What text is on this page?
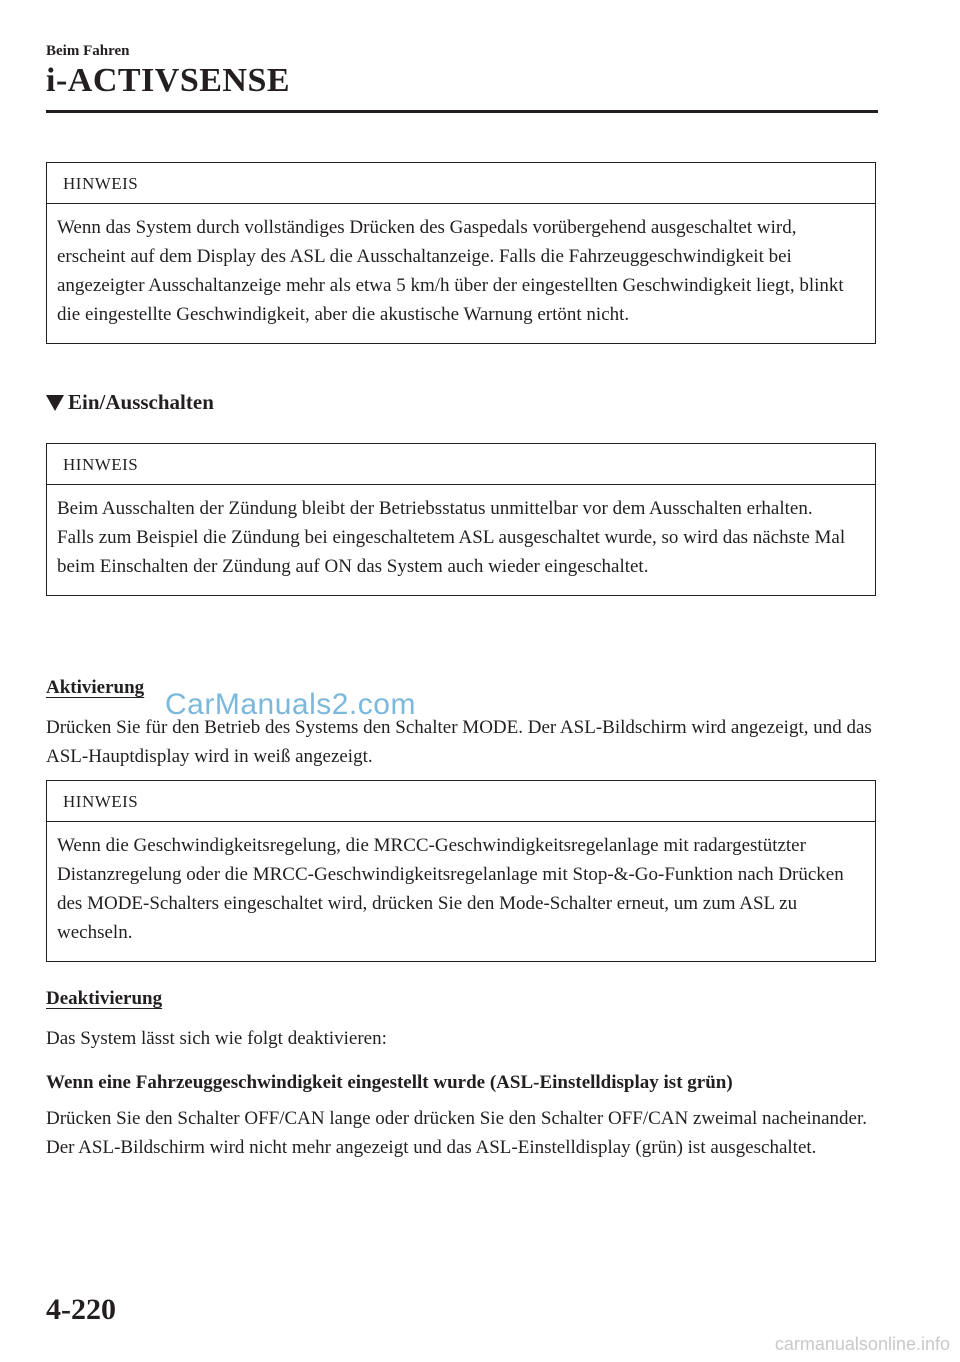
Beim Fahren
i-ACTIVSENSE
HINWEIS

Wenn das System durch vollständiges Drücken des Gaspedals vorübergehend ausgeschaltet wird, erscheint auf dem Display des ASL die Ausschaltanzeige. Falls die Fahrzeuggeschwindigkeit bei angezeigter Ausschaltanzeige mehr als etwa 5 km/h über der eingestellten Geschwindigkeit liegt, blinkt die eingestellte Geschwindigkeit, aber die akustische Warnung ertönt nicht.

Ein/Ausschalten
HINWEIS

Beim Ausschalten der Zündung bleibt der Betriebsstatus unmittelbar vor dem Ausschalten erhalten.

Falls zum Beispiel die Zündung bei eingeschaltetem ASL ausgeschaltet wurde, so wird das nächste Mal beim Einschalten der Zündung auf ON das System auch wieder eingeschaltet.

Aktivierung
CarManuals2.com

Drücken Sie für den Betrieb des Systems den Schalter MODE. Der ASL-Bildschirm wird angezeigt, und das ASL-Hauptdisplay wird in weiß angezeigt.

HINWEIS

Wenn die Geschwindigkeitsregelung, die MRCC-Geschwindigkeitsregelanlage mit radargestützter Distanzregelung oder die MRCC-Geschwindigkeitsregelanlage mit Stop-&-Go-Funktion nach Drücken des MODE-Schalters eingeschaltet wird, drücken Sie den Mode-Schalter erneut, um zum ASL zu wechseln.

Deaktivierung

Das System lässt sich wie folgt deaktivieren:

Wenn eine Fahrzeuggeschwindigkeit eingestellt wurde (ASL-Einstelldisplay ist grün)

Drücken Sie den Schalter OFF/CAN lange oder drücken Sie den Schalter OFF/CAN zweimal nacheinander. Der ASL-Bildschirm wird nicht mehr angezeigt und das ASL-Einstelldisplay (grün) ist ausgeschaltet.

4-220
carmanualsonline.info
